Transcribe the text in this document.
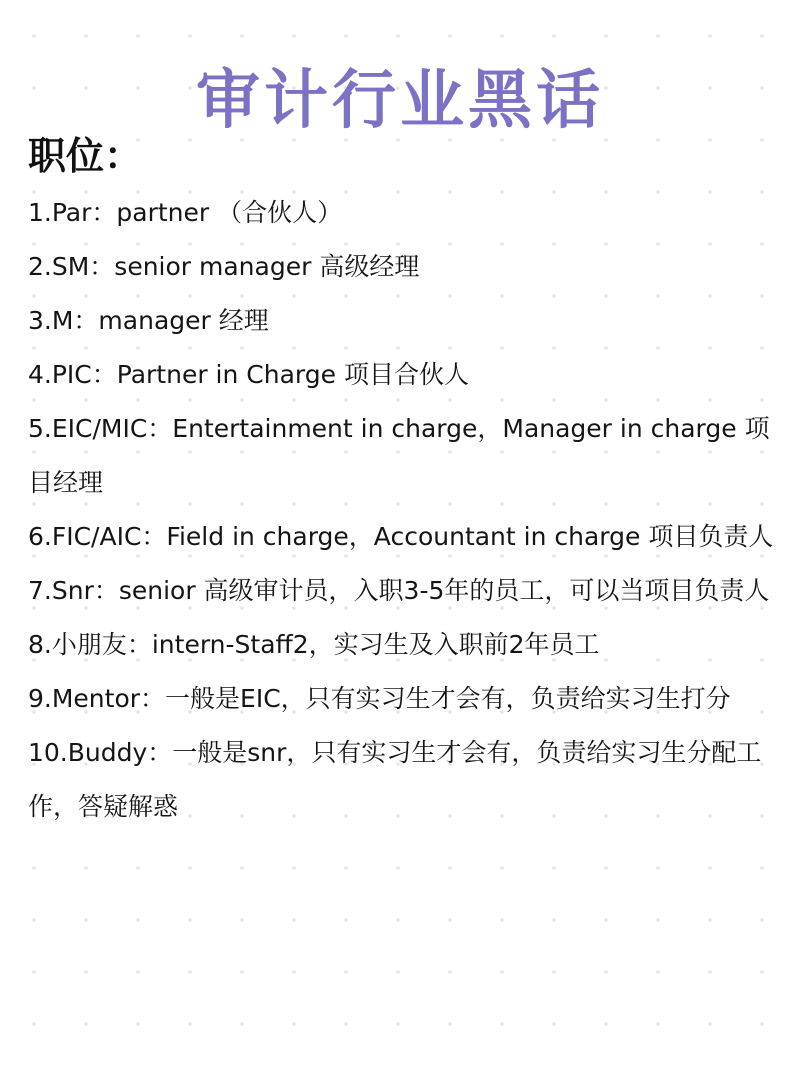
审计行业黑话
职位：
1.Par：partner （合伙人）
2.SM：senior manager 高级经理
3.M：manager 经理
4.PIC：Partner in Charge 项目合伙人
5.EIC/MIC：Entertainment in charge，Manager in charge 项目经理
6.FIC/AIC：Field in charge，Accountant in charge 项目负责人
7.Snr：senior 高级审计员，入职3-5年的员工，可以当项目负责人
8.小朋友：intern-Staff2，实习生及入职前2年员工
9.Mentor：一般是EIC，只有实习生才会有，负责给实习生打分
10.Buddy：一般是snr，只有实习生才会有，负责给实习生分配工作，答疑解惑
